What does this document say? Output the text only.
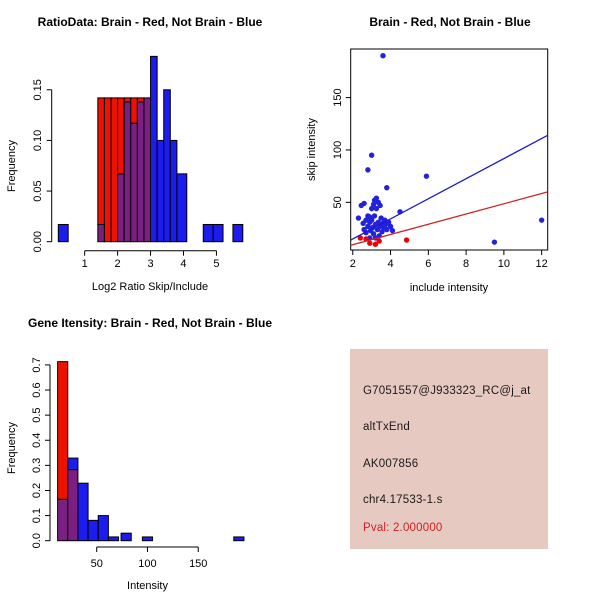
0.00
0.05
0.10
0.15
1 2 3 4 5
RatioData: Brain - Red, Not Brain - Blue
Log2 Ratio Skip/Include
Frequency
2	4	6	8	10 12
50
100
150
Brain - Red, Not Brain - Blue
include intensity
skip intensity
0.0
0.1
0.2
0.3
0.4
0.5
0.6
0.7
50	100	150
Gene Itensity: Brain - Red, Not Brain - Blue
Intensity
Frequency
G7051557@J933323_RC@j_at
altTxEnd
AK007856
chr4.17533-1.s
Pval: 2.000000
